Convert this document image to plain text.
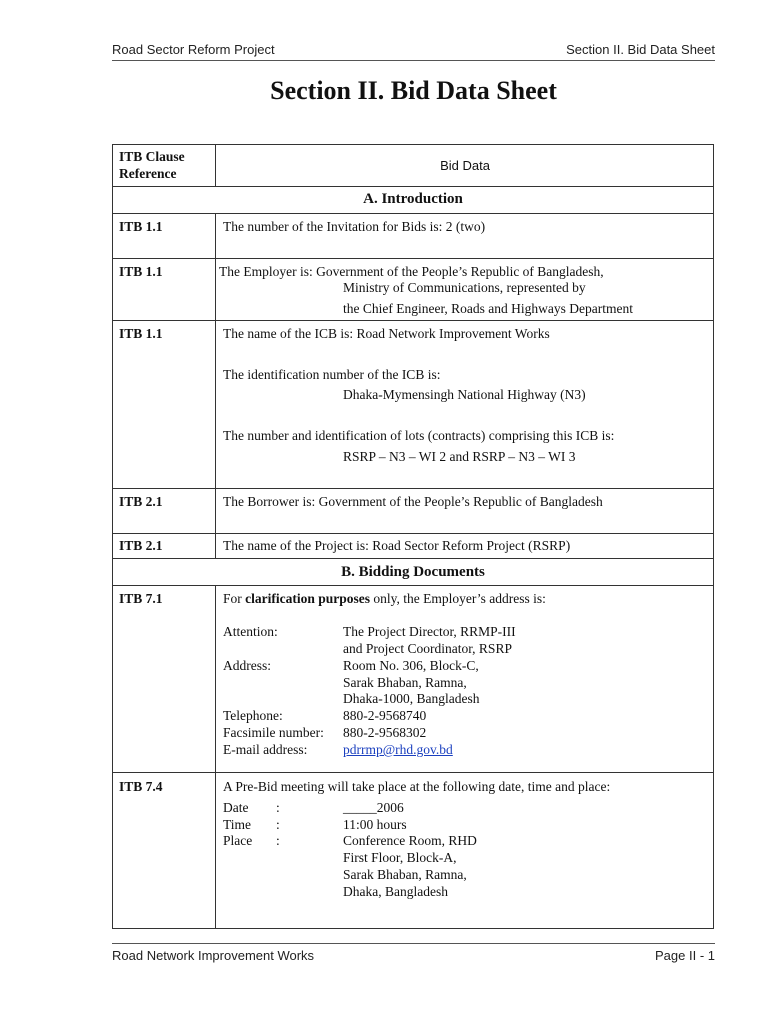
Road Sector Reform Project	Section II. Bid Data Sheet
Section II. Bid Data Sheet
ITB Clause Reference
Bid Data
A. Introduction
ITB 1.1	The number of the Invitation for Bids is: 2 (two)
ITB 1.1	The Employer is: Government of the People’s Republic of Bangladesh,
Ministry of Communications, represented by
the Chief Engineer, Roads and Highways Department
ITB 1.1	The name of the ICB is: Road Network Improvement Works
The identification number of the ICB is:
Dhaka-Mymensingh National Highway (N3)
The number and identification of lots (contracts) comprising this ICB is:
RSRP – N3 – WI 2 and RSRP – N3 – WI 3
ITB 2.1	The Borrower is: Government of the People’s Republic of Bangladesh
ITB 2.1	The name of the Project is: Road Sector Reform Project (RSRP)
B. Bidding Documents
ITB 7.1	For clarification purposes only, the Employer’s address is:
Attention:	The Project Director, RRMP-III
and Project Coordinator, RSRP
Address:	Room No. 306, Block-C,
Sarak Bhaban, Ramna,
Dhaka-1000, Bangladesh
Telephone:	880-2-9568740
Facsimile number: 880-2-9568302
E-mail address:	pdrrmp@rhd.gov.bd
ITB 7.4	A Pre-Bid meeting will take place at the following date, time and place:
Date :	_____2006
Time :	11:00 hours
Place :	Conference Room, RHD
First Floor, Block-A,
Sarak Bhaban, Ramna,
Dhaka, Bangladesh
Road Network Improvement Works	Page II - 1
